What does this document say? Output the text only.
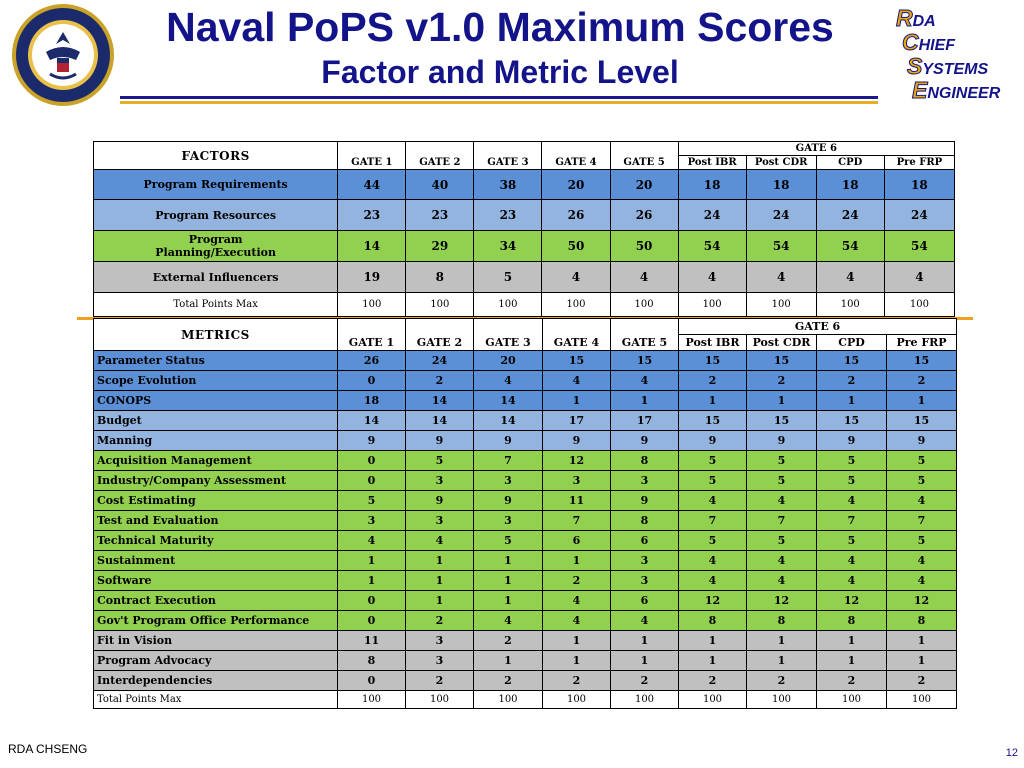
Naval PoPS v1.0 Maximum Scores
Factor and Metric Level
RDA
CHIEF
SYSTEMS
ENGINEER
FACTORS	GATE 1	GATE 2	GATE 3	GATE 4	GATE 5	GATE 6			
						Post IBR	Post CDR	CPD	Pre FRP
Program Requirements	44	40	38	20	20	18	18	18	18
Program Resources	23	23	23	26	26	24	24	24	24
Program Planning/Execution	14	29	34	50	50	54	54	54	54
External Influencers	19	8	5	4	4	4	4	4	4
Total Points Max	100	100	100	100	100	100	100	100	100
METRICS	GATE 1	GATE 2	GATE 3	GATE 4	GATE 5	GATE 6			
						Post IBR	Post CDR	CPD	Pre FRP
Parameter Status	26	24	20	15	15	15	15	15	15
Scope Evolution	0	2	4	4	4	2	2	2	2
CONOPS	18	14	14	1	1	1	1	1	1
Budget	14	14	14	17	17	15	15	15	15
Manning	9	9	9	9	9	9	9	9	9
Acquisition Management	0	5	7	12	8	5	5	5	5
Industry/Company Assessment	0	3	3	3	3	5	5	5	5
Cost Estimating	5	9	9	11	9	4	4	4	4
Test and Evaluation	3	3	3	7	8	7	7	7	7
Technical Maturity	4	4	5	6	6	5	5	5	5
Sustainment	1	1	1	1	3	4	4	4	4
Software	1	1	1	2	3	4	4	4	4
Contract Execution	0	1	1	4	6	12	12	12	12
Gov't Program Office Performance	0	2	4	4	4	8	8	8	8
Fit in Vision	11	3	2	1	1	1	1	1	1
Program Advocacy	8	3	1	1	1	1	1	1	1
Interdependencies	0	2	2	2	2	2	2	2	2
Total Points Max	100	100	100	100	100	100	100	100	100
RDA CHSENG	12
